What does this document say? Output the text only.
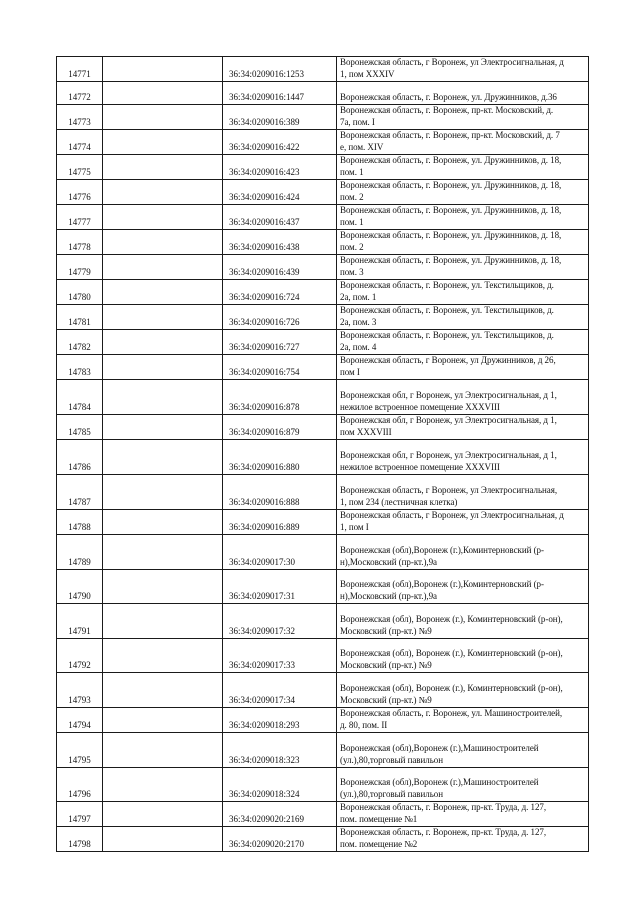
14771		36:34:0209016:1253	Воронежская область, г Воронеж, ул Электросигнальная, д
1, пом XXXIV
14772		36:34:0209016:1447	Воронежская область, г. Воронеж, ул. Дружинников, д.36
14773		36:34:0209016:389	Воронежская область, г. Воронеж, пр-кт. Московский, д.
7а, пом. I
14774		36:34:0209016:422	Воронежская область, г. Воронеж, пр-кт. Московский, д. 7
е, пом. XIV
14775		36:34:0209016:423	Воронежская область, г. Воронеж, ул. Дружинников, д. 18,
пом. 1
14776		36:34:0209016:424	Воронежская область, г. Воронеж, ул. Дружинников, д. 18,
пом. 2
14777		36:34:0209016:437	Воронежская область, г. Воронеж, ул. Дружинников, д. 18,
пом. 1
14778		36:34:0209016:438	Воронежская область, г. Воронеж, ул. Дружинников, д. 18,
пом. 2
14779		36:34:0209016:439	Воронежская область, г. Воронеж, ул. Дружинников, д. 18,
пом. 3
14780		36:34:0209016:724	Воронежская область, г. Воронеж, ул. Текстильщиков, д.
2а, пом. 1
14781		36:34:0209016:726	Воронежская область, г. Воронеж, ул. Текстильщиков, д.
2а, пом. 3
14782		36:34:0209016:727	Воронежская область, г. Воронеж, ул. Текстильщиков, д.
2а, пом. 4
14783		36:34:0209016:754	Воронежская область, г Воронеж, ул Дружинников, д 26,
пом I
14784		36:34:0209016:878	Воронежская обл, г Воронеж, ул Электросигнальная, д 1,
нежилое встроенное помещение XXXVIII
14785		36:34:0209016:879	Воронежская обл, г Воронеж, ул Электросигнальная, д 1,
пом XXXVIII
14786		36:34:0209016:880	Воронежская обл, г Воронеж, ул Электросигнальная, д 1,
нежилое встроенное помещение XXXVIII
14787		36:34:0209016:888	Воронежская область, г Воронеж, ул Электросигнальная,
1, пом 234 (лестничная клетка)
14788		36:34:0209016:889	Воронежская область, г Воронеж, ул Электросигнальная, д
1, пом I
14789		36:34:0209017:30	Воронежская (обл),Воронеж (г.),Коминтерновский (р-
н),Московский (пр-кт.),9а
14790		36:34:0209017:31	Воронежская (обл),Воронеж (г.),Коминтерновский (р-
н),Московский (пр-кт.),9а
14791		36:34:0209017:32	Воронежская (обл), Воронеж (г.), Коминтерновский (р-он),
Московский (пр-кт.) №9
14792		36:34:0209017:33	Воронежская (обл), Воронеж (г.), Коминтерновский (р-он),
Московский (пр-кт.) №9
14793		36:34:0209017:34	Воронежская (обл), Воронеж (г.), Коминтерновский (р-он),
Московский (пр-кт.) №9
14794		36:34:0209018:293	Воронежская область, г. Воронеж, ул. Машиностроителей,
д. 80, пом. II
14795		36:34:0209018:323	Воронежская (обл),Воронеж (г.),Машиностроителей
(ул.),80,торговый павильон
14796		36:34:0209018:324	Воронежская (обл),Воронеж (г.),Машиностроителей
(ул.),80,торговый павильон
14797		36:34:0209020:2169	Воронежская область, г. Воронеж, пр-кт. Труда, д. 127,
пом. помещение №1
14798		36:34:0209020:2170	Воронежская область, г. Воронеж, пр-кт. Труда, д. 127,
пом. помещение №2
